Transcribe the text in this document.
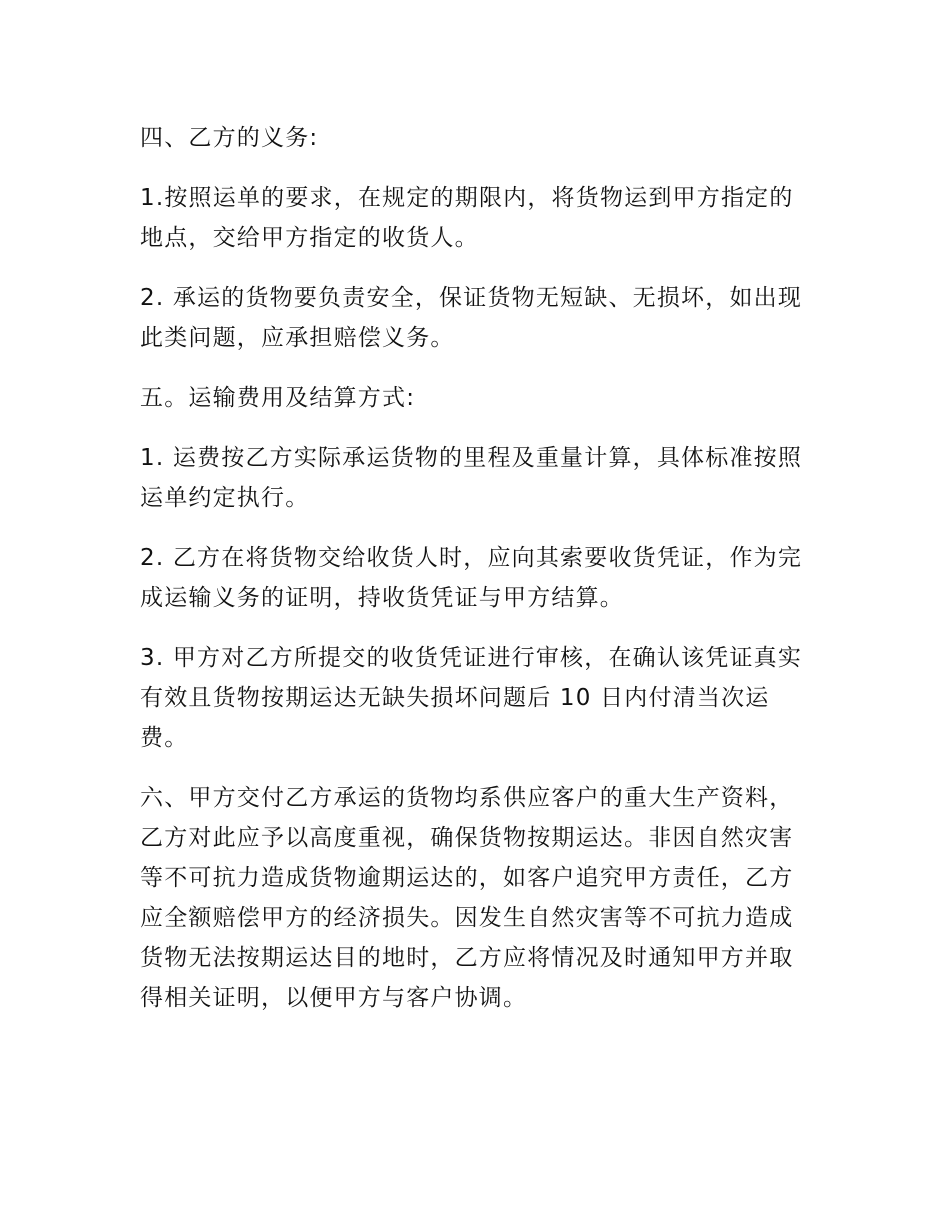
四、乙方的义务:

1.按照运单的要求，在规定的期限内，将货物运到甲方指定的地点，交给甲方指定的收货人。

2. 承运的货物要负责安全，保证货物无短缺、无损坏，如出现此类问题，应承担赔偿义务。

五。运输费用及结算方式:

1. 运费按乙方实际承运货物的里程及重量计算，具体标准按照运单约定执行。

2. 乙方在将货物交给收货人时，应向其索要收货凭证，作为完成运输义务的证明，持收货凭证与甲方结算。

3. 甲方对乙方所提交的收货凭证进行审核，在确认该凭证真实有效且货物按期运达无缺失损坏问题后 10 日内付清当次运费。

六、甲方交付乙方承运的货物均系供应客户的重大生产资料，乙方对此应予以高度重视，确保货物按期运达。非因自然灾害等不可抗力造成货物逾期运达的，如客户追究甲方责任，乙方应全额赔偿甲方的经济损失。因发生自然灾害等不可抗力造成货物无法按期运达目的地时，乙方应将情况及时通知甲方并取得相关证明，以便甲方与客户协调。
